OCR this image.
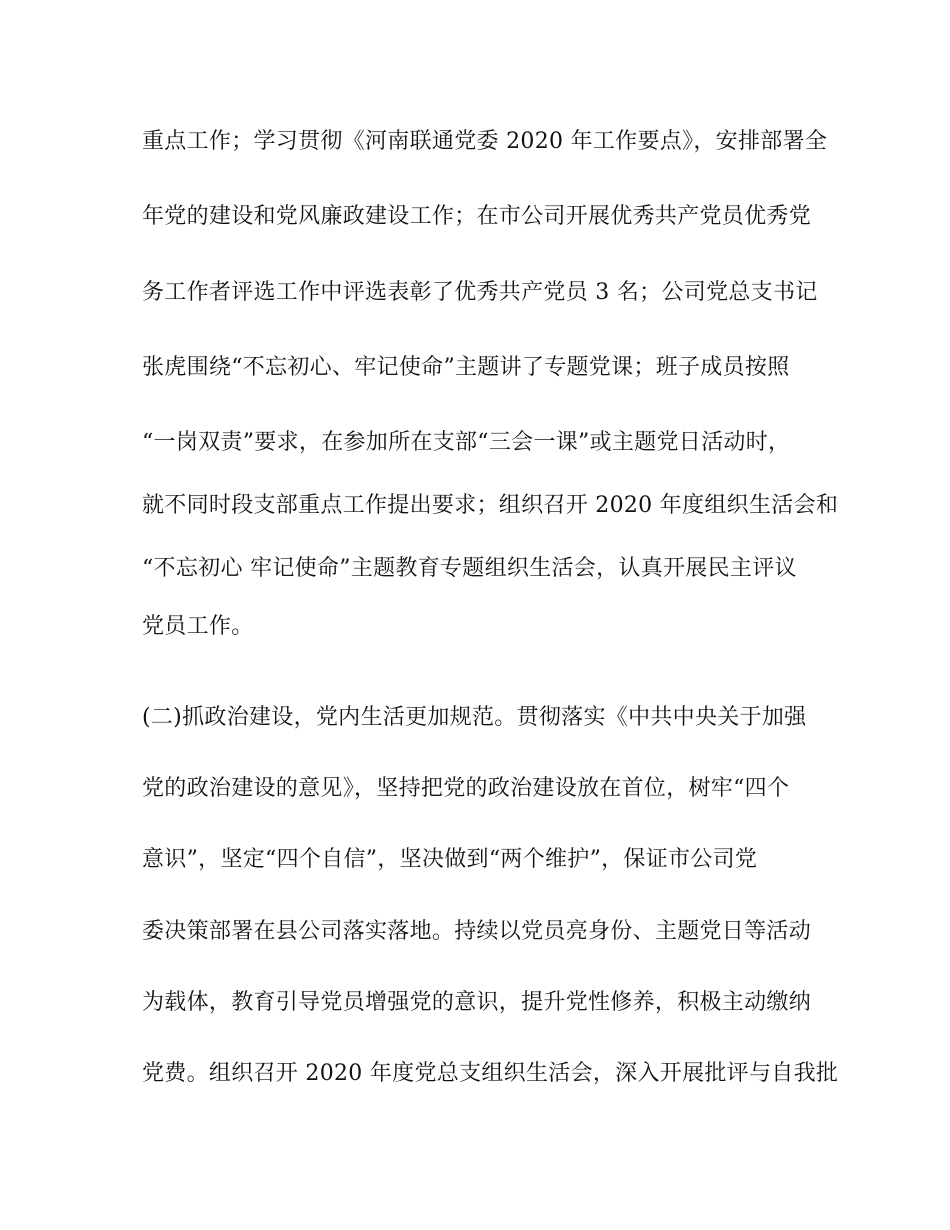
重点工作；学习贯彻《河南联通党委 2020 年工作要点》，安排部署全
年党的建设和党风廉政建设工作；在市公司开展优秀共产党员优秀党
务工作者评选工作中评选表彰了优秀共产党员 3 名；公司党总支书记
张虎围绕“不忘初心、牢记使命”主题讲了专题党课；班子成员按照
“一岗双责”要求，在参加所在支部“三会一课”或主题党日活动时，
就不同时段支部重点工作提出要求；组织召开 2020 年度组织生活会和
“不忘初心 牢记使命”主题教育专题组织生活会，认真开展民主评议
党员工作。
(二)抓政治建设，党内生活更加规范。贯彻落实《中共中央关于加强
党的政治建设的意见》，坚持把党的政治建设放在首位，树牢“四个
意识”，坚定“四个自信”，坚决做到“两个维护”，保证市公司党
委决策部署在县公司落实落地。持续以党员亮身份、主题党日等活动
为载体，教育引导党员增强党的意识，提升党性修养，积极主动缴纳
党费。组织召开 2020 年度党总支组织生活会，深入开展批评与自我批
